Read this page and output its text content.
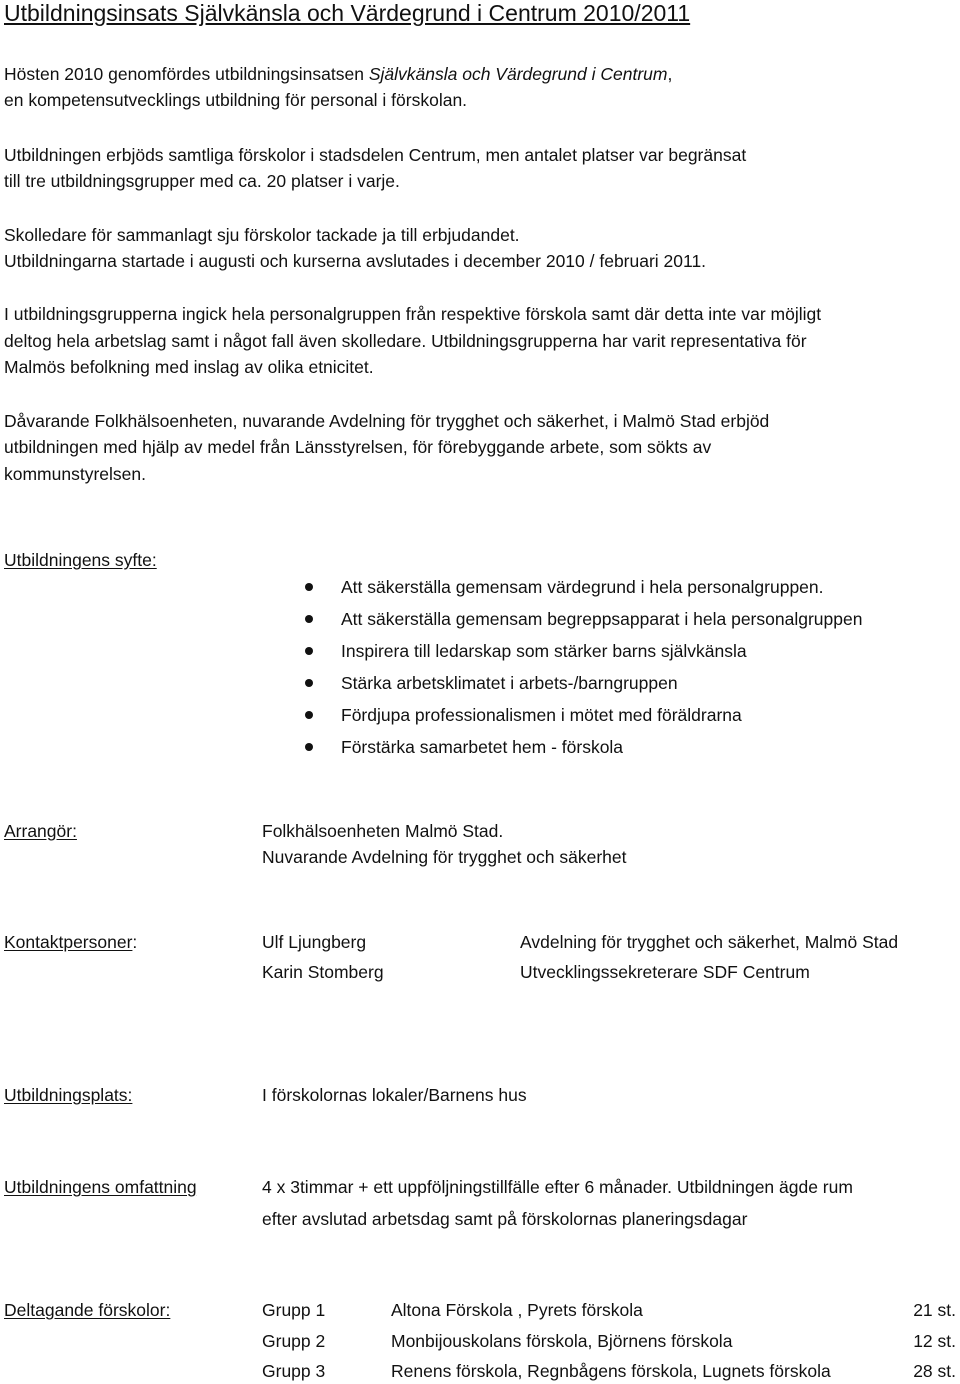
Utbildningsinsats Självkänsla och Värdegrund i Centrum 2010/2011
Hösten 2010 genomfördes utbildningsinsatsen Självkänsla och Värdegrund i Centrum,
en kompetensutvecklings utbildning för personal i förskolan.
Utbildningen erbjöds samtliga förskolor i stadsdelen Centrum, men antalet platser var begränsat
till tre utbildningsgrupper med ca. 20 platser i varje.
Skolledare för sammanlagt sju förskolor tackade ja till erbjudandet.
Utbildningarna startade i augusti och kurserna avslutades i december 2010 / februari 2011.
I utbildningsgrupperna ingick hela personalgruppen från respektive förskola samt där detta inte var möjligt
deltog hela arbetslag samt i något fall även skolledare. Utbildningsgrupperna har varit representativa för
Malmös befolkning med inslag av olika etnicitet.
Dåvarande Folkhälsoenheten, nuvarande Avdelning för trygghet och säkerhet, i Malmö Stad erbjöd
utbildningen med hjälp av medel från Länsstyrelsen, för förebyggande arbete, som sökts av
kommunstyrelsen.
Utbildningens syfte:
Att säkerställa gemensam värdegrund i hela personalgruppen.
Att säkerställa gemensam begreppsapparat i hela personalgruppen
Inspirera till ledarskap som stärker barns självkänsla
Stärka arbetsklimatet i arbets-/barngruppen
Fördjupa professionalismen i mötet med föräldrarna
Förstärka samarbetet hem - förskola
Arrangör:	Folkhälsoenheten Malmö Stad.
Nuvarande Avdelning för trygghet och säkerhet
Kontaktpersoner:	Ulf Ljungberg	Avdelning för trygghet och säkerhet, Malmö Stad
Karin Stomberg	Utvecklingssekreterare SDF Centrum
Utbildningsplats:	I förskolornas lokaler/Barnens hus
Utbildningens omfattning	4 x 3timmar + ett uppföljningstillfälle efter 6 månader. Utbildningen ägde rum
efter avslutad arbetsdag samt på förskolornas planeringsdagar
Deltagande förskolor:	Grupp 1	Altona Förskola , Pyrets förskola	21 st.
Grupp 2	Monbijouskolans förskola, Björnens förskola	12 st.
Grupp 3	Renens förskola, Regnbågens förskola, Lugnets förskola	28 st.
